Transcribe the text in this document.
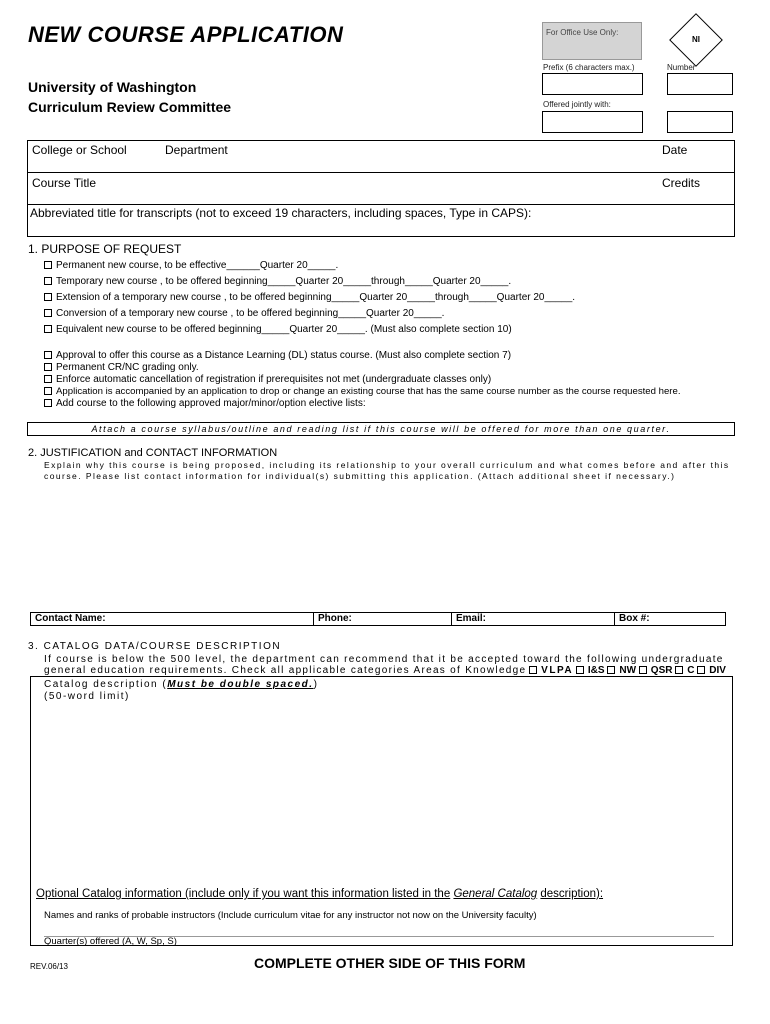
NEW COURSE APPLICATION
University of Washington
Curriculum Review Committee
For Office Use Only:
NI
Prefix (6 characters max.)	Number
Offered jointly with:
College or School	Department	Date
Course Title	Credits
Abbreviated title for transcripts (not to exceed 19 characters, including spaces, Type in CAPS):
1. PURPOSE OF REQUEST
Permanent new course, to be effective______Quarter 20_____.
Temporary new course , to be offered beginning_____Quarter 20_____through_____Quarter 20_____.
Extension of a temporary new course , to be offered beginning_____Quarter 20_____through_____Quarter 20_____.
Conversion of a temporary new course , to be offered beginning_____Quarter 20_____.
Equivalent new course to be offered beginning_____Quarter 20_____. (Must also complete section 10)
Approval to offer this course as a Distance Learning (DL) status course. (Must also complete section 7)
Permanent CR/NC grading only.
Enforce automatic cancellation of registration if prerequisites not met (undergraduate classes only)
Application is accompanied by an application to drop or change an existing course that has the same course number as the course requested here.
Add course to the following approved major/minor/option elective lists:
Attach a course syllabus/outline and reading list if this course will be offered for more than one quarter.
2. JUSTIFICATION and CONTACT INFORMATION
Explain why this course is being proposed, including its relationship to your overall curriculum and what comes before and after this
course. Please list contact information for individual(s) submitting this application. (Attach additional sheet if necessary.)
Contact Name:	Phone:	Email:	Box #:
3. CATALOG DATA/COURSE DESCRIPTION
If course is below the 500 level, the department can recommend that it be accepted toward the following undergraduate
general education requirements. Check all applicable categories Areas of Knowledge VLPA I&S NW QSR C DIV
Catalog description (Must be double spaced.)
(50-word limit)
Optional Catalog information (include only if you want this information listed in the General Catalog description):
Names and ranks of probable instructors (Include curriculum vitae for any instructor not now on the University faculty)
Quarter(s) offered (A, W, Sp, S)
REV.06/13	COMPLETE OTHER SIDE OF THIS FORM
